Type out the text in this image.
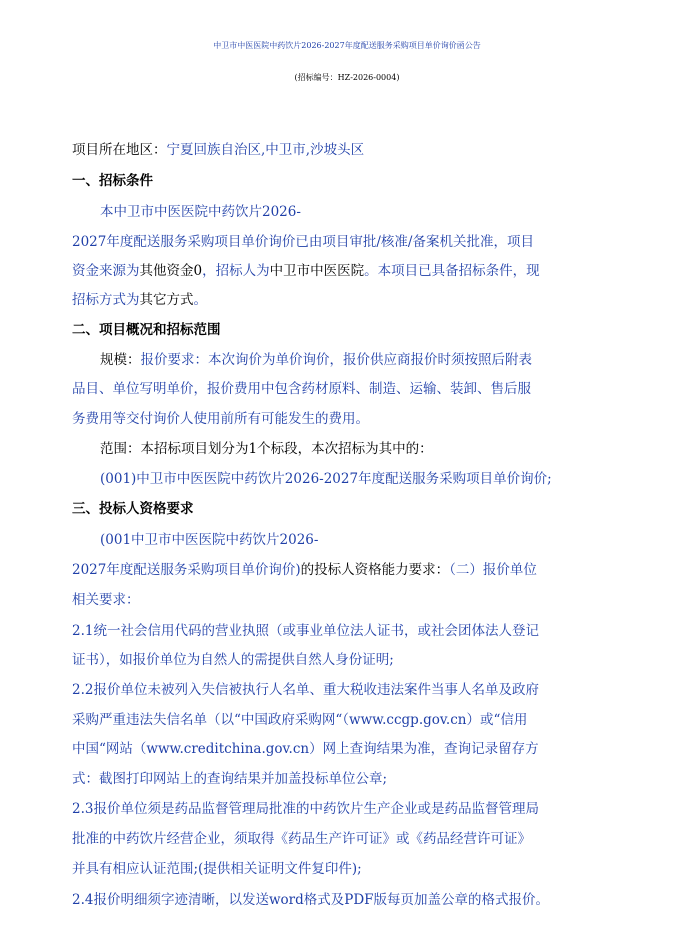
中卫市中医医院中药饮片2026-2027年度配送服务采购项目单价询价函公告
(招标编号：HZ-2026-0004)
项目所在地区：宁夏回族自治区,中卫市,沙坡头区
一、招标条件
本中卫市中医医院中药饮片2026-
2027年度配送服务采购项目单价询价已由项目审批/核准/备案机关批准，项目
资金来源为其他资金0，招标人为中卫市中医医院。本项目已具备招标条件，现
招标方式为其它方式。
二、项目概况和招标范围
规模：报价要求：本次询价为单价询价，报价供应商报价时须按照后附表
品目、单位写明单价，报价费用中包含药材原料、制造、运输、装卸、售后服
务费用等交付询价人使用前所有可能发生的费用。
范围：本招标项目划分为1个标段，本次招标为其中的：
(001)中卫市中医医院中药饮片2026-2027年度配送服务采购项目单价询价;
三、投标人资格要求
(001中卫市中医医院中药饮片2026-
2027年度配送服务采购项目单价询价)的投标人资格能力要求：（二）报价单位
相关要求：
2.1统一社会信用代码的营业执照（或事业单位法人证书，或社会团体法人登记
证书），如报价单位为自然人的需提供自然人身份证明;
2.2报价单位未被列入失信被执行人名单、重大税收违法案件当事人名单及政府
采购严重违法失信名单（以“中国政府采购网“（www.ccgp.gov.cn）或“信用
中国“网站（www.creditchina.gov.cn）网上查询结果为准，查询记录留存方
式：截图打印网站上的查询结果并加盖投标单位公章;
2.3报价单位须是药品监督管理局批准的中药饮片生产企业或是药品监督管理局
批准的中药饮片经营企业，须取得《药品生产许可证》或《药品经营许可证》
并具有相应认证范围;(提供相关证明文件复印件);
2.4报价明细须字迹清晰，以发送word格式及PDF版每页加盖公章的格式报价。
